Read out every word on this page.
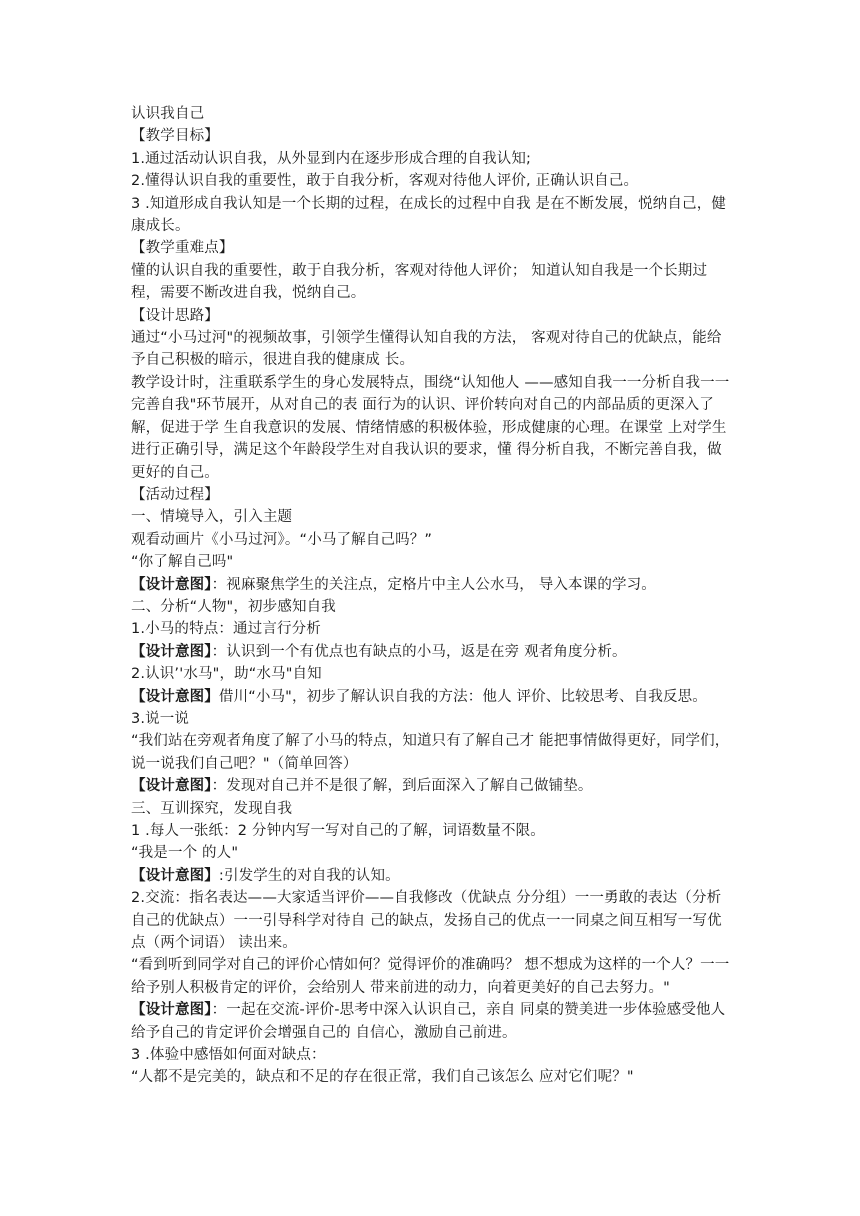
认识我自己

【教学目标】

1.通过活动认识自我，从外显到内在逐步形成合理的自我认知;

2.懂得认识自我的重要性，敢于自我分析，客观对待他人评价, 正确认识自己。

3 .知道形成自我认知是一个长期的过程，在成长的过程中自我 是在不断发展，悦纳自己，健康成长。

【教学重难点】

懂的认识自我的重要性，敢于自我分析，客观对待他人评价； 知道认知自我是一个长期过程，需要不断改进自我，悦纳自己。

【设计思路】

通过“小马过河"的视频故事，引领学生懂得认知自我的方法， 客观对待自己的优缺点，能给予自己积极的暗示，很进自我的健康成 长。

教学设计时，注重联系学生的身心发展特点，围绕“认知他人 ——感知自我一一分析自我一一完善自我"环节展开，从对自己的表 面行为的认识、评价转向对自己的内部品质的更深入了解，促进于学 生自我意识的发展、情绪情感的积极体验，形成健康的心理。在课堂 上对学生进行正确引导，满足这个年龄段学生对自我认识的要求，懂 得分析自我，不断完善自我，做更好的自己。

【活动过程】

一、情境导入，引入主题

观看动画片《小马过河》。“小马了解自己吗？”

“你了解自己吗"

【设计意图】：视麻聚焦学生的关注点，定格片中主人公水马， 导入本课的学习。

二、分析“人物"，初步感知自我

1.小马的特点：通过言行分析

【设计意图】：认识到一个有优点也有缺点的小马，返是在旁 观者角度分析。

2.认识’'水马"，助“水马"自知

【设计意图】借川“小马"，初步了解认识自我的方法：他人 评价、比较思考、自我反思。

3.说一说

“我们站在旁观者角度了解了小马的特点，知道只有了解自己才 能把事情做得更好，同学们，说一说我们自己吧？"（简单回答）

【设计意图】：发现对自己并不是很了解，到后面深入了解自己做铺垫。

三、互训探究，发现自我

1 .每人一张纸：2 分钟内写一写对自己的了解，词语数量不限。

“我是一个 的人"

【设计意图】:引发学生的对自我的认知。

2.交流：指名表达——大家适当评价——自我修改（优缺点 分分组）一一勇敢的表达（分析自己的优缺点）一一引导科学对待自 己的缺点，发扬自己的优点一一同桌之间互相写一写优点（两个词语） 读出来。

“看到听到同学对自己的评价心情如何？觉得评价的准确吗？ 想不想成为这样的一个人？一一给予别人积极肯定的评价，会给别人 带来前进的动力，向着更美好的自己去努力。"

【设计意图】：一起在交流-评价-思考中深入认识自己，亲自 同桌的赞美进一步体验感受他人给予自己的肯定评价会增强自己的 自信心，激励自己前进。

3 .体验中感悟如何面对缺点：

“人都不是完美的，缺点和不足的存在很正常，我们自己该怎么 应对它们呢？"
